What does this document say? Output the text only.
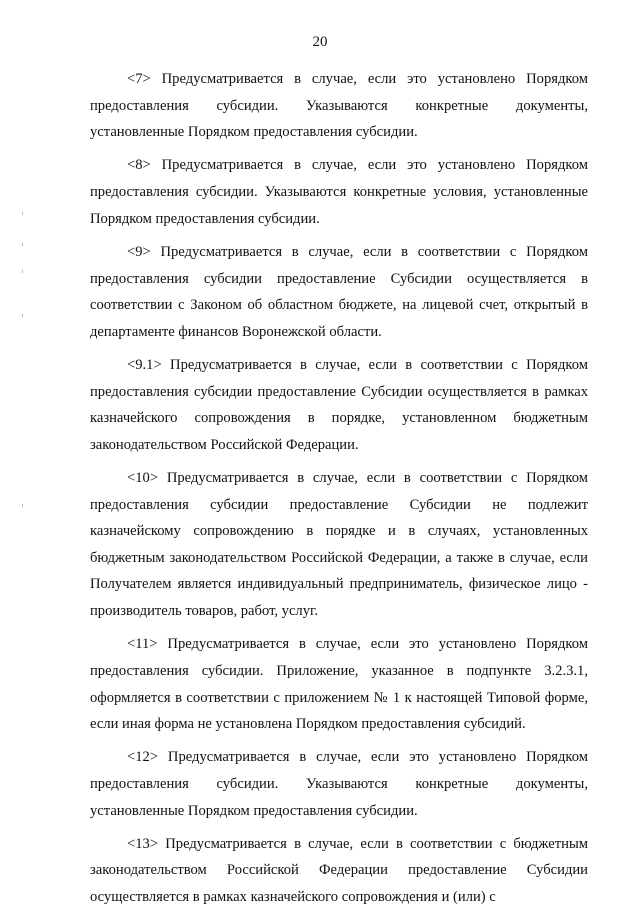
20

<7> Предусматривается в случае, если это установлено Порядком предоставления субсидии. Указываются конкретные документы, установленные Порядком предоставления субсидии.

<8> Предусматривается в случае, если это установлено Порядком предоставления субсидии. Указываются конкретные условия, установленные Порядком предоставления субсидии.

<9> Предусматривается в случае, если в соответствии с Порядком предоставления субсидии предоставление Субсидии осуществляется в соответствии с Законом об областном бюджете, на лицевой счет, открытый в департаменте финансов Воронежской области.

<9.1> Предусматривается в случае, если в соответствии с Порядком предоставления субсидии предоставление Субсидии осуществляется в рамках казначейского сопровождения в порядке, установленном бюджетным законодательством Российской Федерации.

<10> Предусматривается в случае, если в соответствии с Порядком предоставления субсидии предоставление Субсидии не подлежит казначейскому сопровождению в порядке и в случаях, установленных бюджетным законодательством Российской Федерации, а также в случае, если Получателем является индивидуальный предприниматель, физическое лицо - производитель товаров, работ, услуг.

<11> Предусматривается в случае, если это установлено Порядком предоставления субсидии. Приложение, указанное в подпункте 3.2.3.1, оформляется в соответствии с приложением № 1 к настоящей Типовой форме, если иная форма не установлена Порядком предоставления субсидий.

<12> Предусматривается в случае, если это установлено Порядком предоставления субсидии. Указываются конкретные документы, установленные Порядком предоставления субсидии.

<13> Предусматривается в случае, если в соответствии с бюджетным законодательством Российской Федерации предоставление Субсидии осуществляется в рамках казначейского сопровождения и (или) с
